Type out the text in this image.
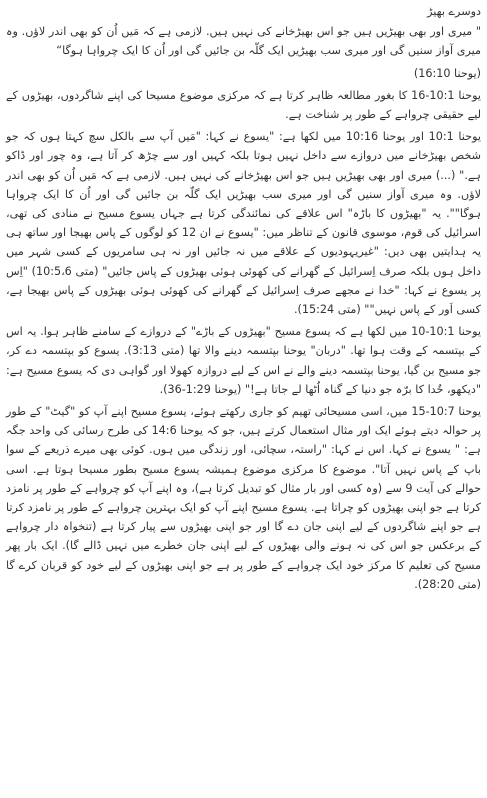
دوسرے بھیڑ

" میری اور بھی بھیڑیں ہیں جو اس بھیڑخانے کی نہیں ہیں. لازمی ہے کہ مَیں اُن کو بھی اندر لاؤں. وہ میری آواز سنیں گی اور میری سب بھیڑیں ایک گلّہ بن جائیں گی اور اُن کا ایک چرواہا ہوگا“

(یوحنا 16:10)

یوحنا 10:1-16 کا بغور مطالعہ ظاہر کرتا ہے کہ مرکزی موضوع مسیحا کی اپنے شاگردوں، بھیڑوں کے لیے حقیقی چرواہے کے طور پر شناخت ہے.

یوحنا 10:1 اور یوحنا 10:16 میں لکھا ہے: "یسوع نے کہا: "مَیں آپ سے بالکل سچ کہتا ہوں کہ جو شخص بھیڑخانے میں دروازے سے داخل نہیں ہوتا بلکہ کہیں اور سے چڑھ کر آتا ہے، وہ چور اور ڈاکو ہے." (...) میری اور بھی بھیڑیں ہیں جو اس بھیڑخانے کی نہیں ہیں. لازمی ہے کہ مَیں اُن کو بھی اندر لاؤں. وہ میری آواز سنیں گی اور میری سب بھیڑیں ایک گلّہ بن جائیں گی اور اُن کا ایک چرواہا ہوگا"". یہ "بھیڑوں کا باڑہ" اس علاقے کی نمائندگی کرتا ہے جہاں یسوع مسیح نے منادی کی تھی، اسرائیل کی قوم، موسوی قانون کے تناظر میں: "یسوع نے ان 12 کو لوگوں کے پاس بھیجا اور ساتھ ہی یہ ہدایتیں بھی دیں: "غیریہودیوں کے علاقے میں نہ جائیں اور نہ ہی سامریوں کے کسی شہر میں داخل ہوں بلکہ صرف اِسرائیل کے گھرانے کی کھوئی ہوئی بھیڑوں کے پاس جائیں" (متی 10:5،6) "اِس پر یسوع نے کہا: "خدا نے مجھے صرف اِسرائیل کے گھرانے کی کھوئی ہوئی بھیڑوں کے پاس بھیجا ہے، کسی اَور کے پاس نہیں"" (متی 15:24).

یوحنا 10:1-10 میں لکھا ہے کہ یسوع مسیح "بھیڑوں کے باڑے" کے دروازے کے سامنے ظاہر ہوا. یہ اس کے بپتسمہ کے وقت ہوا تھا. "دربان" یوحنا بپتسمہ دینے والا تھا (متی 3:13). یسوع کو بپتسمہ دے کر، جو مسیح بن گیا، یوحنا بپتسمہ دینے والے نے اس کے لیے دروازہ کھولا اور گواہی دی کہ یسوع مسیح ہے: "دیکھو، خُدا کا برّہ جو دنیا کے گناہ اُٹھا لے جاتا ہے!" (یوحنا 1:29-36).

یوحنا 10:7-15 میں، اسی مسیحائی تھیم کو جاری رکھتے ہوئے، یسوع مسیح اپنے آپ کو "گیٹ" کے طور پر حوالہ دیتے ہوئے ایک اور مثال استعمال کرتے ہیں، جو کہ یوحنا 14:6 کی طرح رسائی کی واحد جگہ ہے: " یسوع نے کہا. اس نے کہا: "راستہ، سچائی، اور زندگی میں ہوں. کوئی بھی میرے ذریعے کے سوا باپ کے پاس نہیں آتا". موضوع کا مرکزی موضوع ہمیشہ یسوع مسیح بطور مسیحا ہوتا ہے. اسی حوالے کی آیت 9 سے (وہ کسی اور بار مثال کو تبدیل کرتا ہے)، وہ اپنے آپ کو چرواہے کے طور پر نامزد کرتا ہے جو اپنی بھیڑوں کو چراتا ہے. یسوع مسیح اپنے آپ کو ایک بہترین چرواہے کے طور پر نامزد کرتا ہے جو اپنے شاگردوں کے لیے اپنی جان دے گا اور جو اپنی بھیڑوں سے پیار کرتا ہے (تنخواہ دار چرواہے کے برعکس جو اس کی نہ ہونے والی بھیڑوں کے لیے اپنی جان خطرے میں نہیں ڈالے گا). ایک بار پھر مسیح کی تعلیم کا مرکز خود ایک چرواہے کے طور پر ہے جو اپنی بھیڑوں کے لیے خود کو قربان کرے گا (متی 28:20).
